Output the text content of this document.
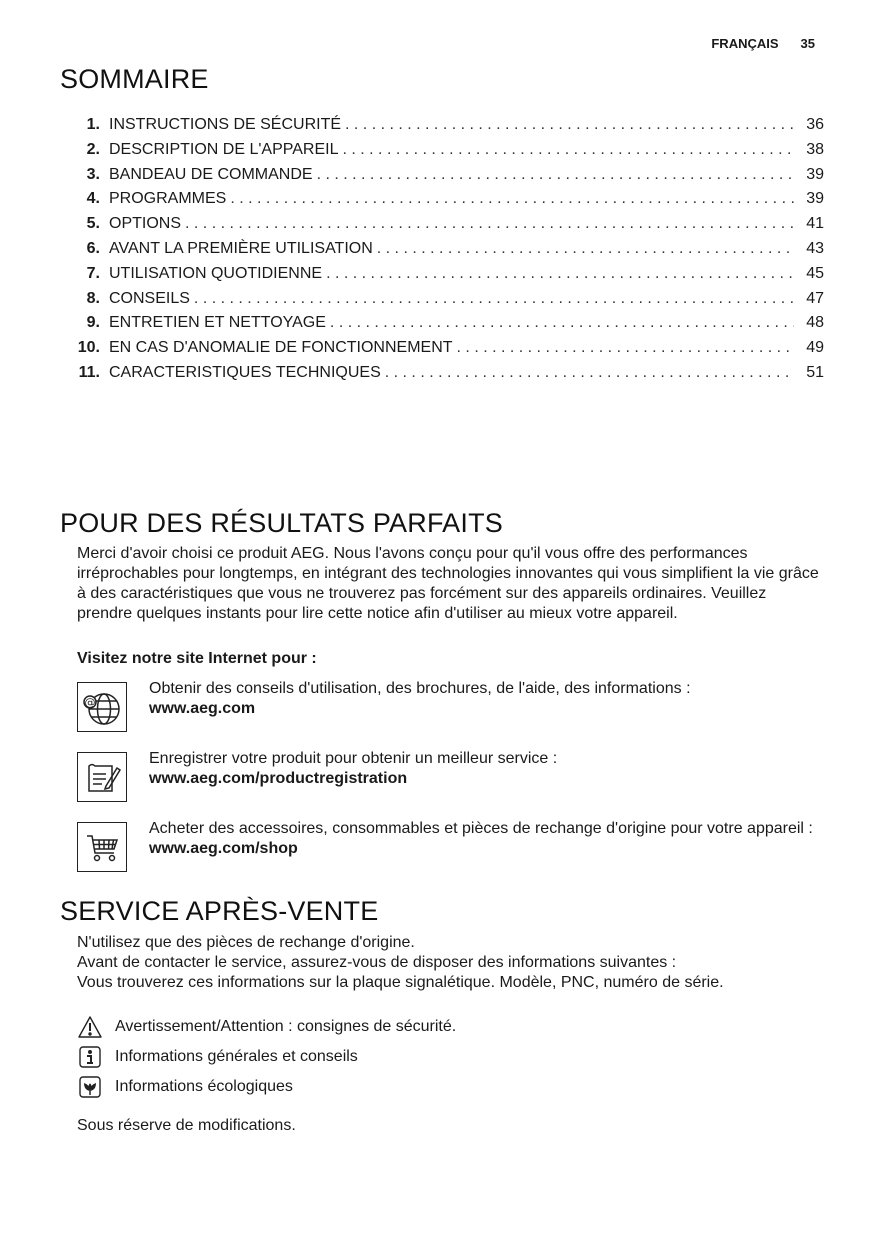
FRANÇAIS 35
SOMMAIRE
1. INSTRUCTIONS DE SÉCURITÉ . . .	36
2. DESCRIPTION DE L'APPAREIL . . .	38
3. BANDEAU DE COMMANDE . . .	39
4. PROGRAMMES . . .	39
5. OPTIONS . . .	41
6. AVANT LA PREMIÈRE UTILISATION . . .	43
7. UTILISATION QUOTIDIENNE . . .	45
8. CONSEILS . . .	47
9. ENTRETIEN ET NETTOYAGE . . .	48
10. EN CAS D'ANOMALIE DE FONCTIONNEMENT . . .	49
11. CARACTERISTIQUES TECHNIQUES . . .	51
POUR DES RÉSULTATS PARFAITS

Merci d'avoir choisi ce produit AEG. Nous l'avons conçu pour qu'il vous offre des performances irréprochables pour longtemps, en intégrant des technologies innovantes qui vous simplifient la vie grâce à des caractéristiques que vous ne trouverez pas forcément sur des appareils ordinaires. Veuillez prendre quelques instants pour lire cette notice afin d'utiliser au mieux votre appareil.

Visitez notre site Internet pour :

@
Obtenir des conseils d'utilisation, des brochures, de l'aide, des informations :
www.aeg.com
Enregistrer votre produit pour obtenir un meilleur service :
www.aeg.com/productregistration
Acheter des accessoires, consommables et pièces de rechange d'origine pour votre appareil :
www.aeg.com/shop
SERVICE APRÈS-VENTE
N'utilisez que des pièces de rechange d'origine.
Avant de contacter le service, assurez-vous de disposer des informations suivantes :
Vous trouverez ces informations sur la plaque signalétique. Modèle, PNC, numéro de série.
Avertissement/Attention : consignes de sécurité.
Informations générales et conseils
Informations écologiques

Sous réserve de modifications.
